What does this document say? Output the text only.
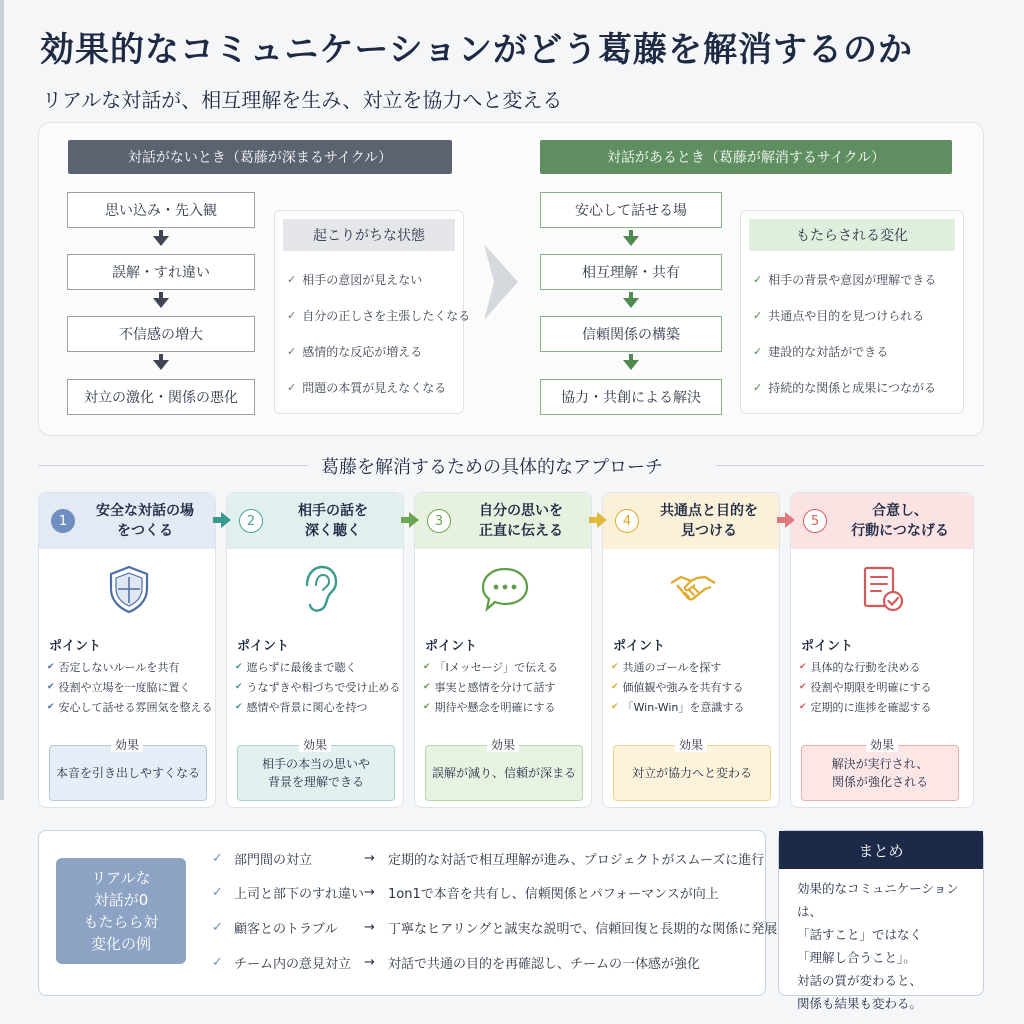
効果的なコミュニケーションがどう葛藤を解消するのか
リアルな対話が、相互理解を生み、対立を協力へと変える
対話がないとき（葛藤が深まるサイクル）	対話があるとき（葛藤が解消するサイクル）
思い込み・先入観
誤解・すれ違い
不信感の増大
対立の激化・関係の悪化
起こりがちな状態
✓ 相手の意図が見えない
✓ 自分の正しさを主張したくなる
✓ 感情的な反応が増える
✓ 問題の本質が見えなくなる
安心して話せる場
相互理解・共有
信頼関係の構築
協力・共創による解決
もたらされる変化
✓ 相手の背景や意図が理解できる
✓ 共通点や目的を見つけられる
✓ 建設的な対話ができる
✓ 持続的な関係と成果につながる
葛藤を解消するための具体的なアプローチ
1
安全な対話の場
をつくる
ポイント
✔ 否定しないルールを共有
✔ 役割や立場を一度脇に置く
✔ 安心して話せる雰囲気を整える
本音を引き出しやすくなる
効果
2
相手の話を
深く聴く
ポイント
✔ 遮らずに最後まで聴く
✔ うなずきや相づちで受け止める
✔ 感情や背景に関心を持つ
相手の本当の思いや
背景を理解できる
効果
3
自分の思いを
正直に伝える
ポイント
✔ 「Iメッセージ」で伝える
✔ 事実と感情を分けて話す
✔ 期待や懸念を明確にする
誤解が減り、信頼が深まる
効果
4
共通点と目的を
見つける
ポイント
✔ 共通のゴールを探す
✔ 価値観や強みを共有する
✔ 「Win-Win」を意識する
対立が協力へと変わる
効果
5
合意し、
行動につなげる
ポイント
✔ 具体的な行動を決める
✔ 役割や期限を明確にする
✔ 定期的に進捗を確認する
解決が実行され、
関係が強化される
効果
リアルな
対話が0
もたらら対
変化の例
✓ 部門間の対立	→	定期的な対話で相互理解が進み、プロジェクトがスムーズに進行
✓ 上司と部下のすれ違い →	1on1で本音を共有し、信頼関係とパフォーマンスが向上
✓ 顧客とのトラブル	→	丁寧なヒアリングと誠実な説明で、信頼回復と長期的な関係に発展
✓ チーム内の意見対立 →	対話で共通の目的を再確認し、チームの一体感が強化
まとめ
効果的なコミュニケーションは、
「話すこと」ではなく
「理解し合うこと」。
対話の質が変わると、
関係も結果も変わる。
